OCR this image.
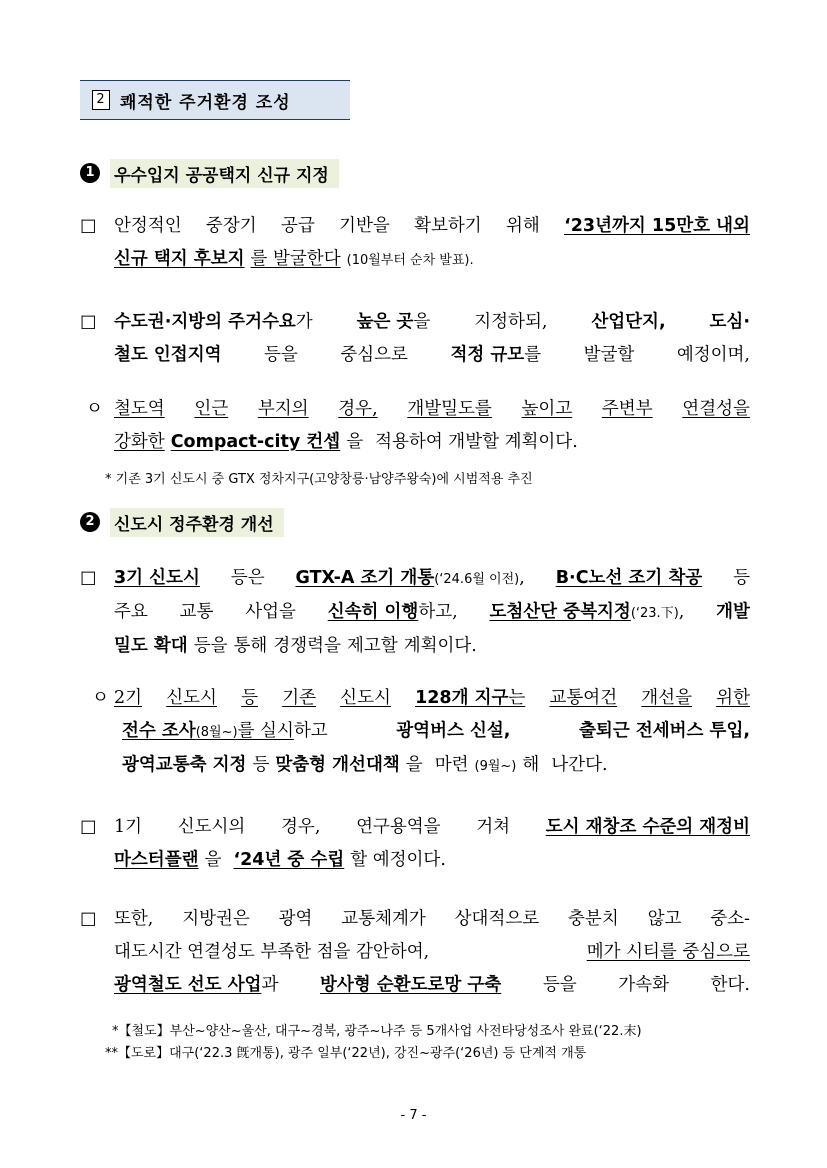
2 쾌적한 주거환경 조성
1	우수입지 공공택지 신규 지정
□ 안정적인 중장기 공급 기반을 확보하기 위해 ‘23년까지 15만호 내외
신규 택지 후보지 를 발굴한다 (10월부터 순차 발표).
□ 수도권·지방의 주거수요가	높은 곳을	지정하되,	산업단지,	도심·
철도 인접지역 등을 중심으로 적정 규모를 발굴할 예정이며,
ㅇ 철도역 인근 부지의 경우, 개발밀도를 높이고 주변부 연결성을
강화한 Compact-city 컨셉 을 적용하여 개발할 계획이다.
* 기존 3기 신도시 중 GTX 정차지구(고양창릉·남양주왕숙)에 시범적용 추진
2	신도시 정주환경 개선
□ 3기 신도시 등은 GTX-A 조기 개통(‘24.6월 이전), B·C노선 조기 착공 등
주요 교통 사업을 신속히 이행하고, 도첨산단 중복지정(‘23.下), 개발
밀도 확대 등을 통해 경쟁력을 제고할 계획이다.
ㅇ 2기 신도시 등 기존 신도시 128개 지구는 교통여건 개선을 위한
전수 조사(8월~)를 실시하고	광역버스 신설,	출퇴근 전세버스 투입,
광역교통축 지정 등 맞춤형 개선대책 을 마련 (9월~) 해 나간다.
□ 1기 신도시의 경우, 연구용역을 거쳐 도시 재창조 수준의 재정비
마스터플랜 을 ‘24년 중 수립 할 예정이다.
□ 또한, 지방권은 광역 교통체계가 상대적으로 충분치 않고 중소-
대도시간 연결성도 부족한 점을 감안하여,	메가 시티를 중심으로
광역철도 선도 사업과 방사형 순환도로망 구축 등을 가속화 한다.
*【철도】부산~양산~울산, 대구~경북, 광주~나주 등 5개사업 사전타당성조사 완료(‘22.末)
**【도로】대구(‘22.3 旣개통), 광주 일부(‘22년), 강진~광주(‘26년) 등 단계적 개통
- 7 -
